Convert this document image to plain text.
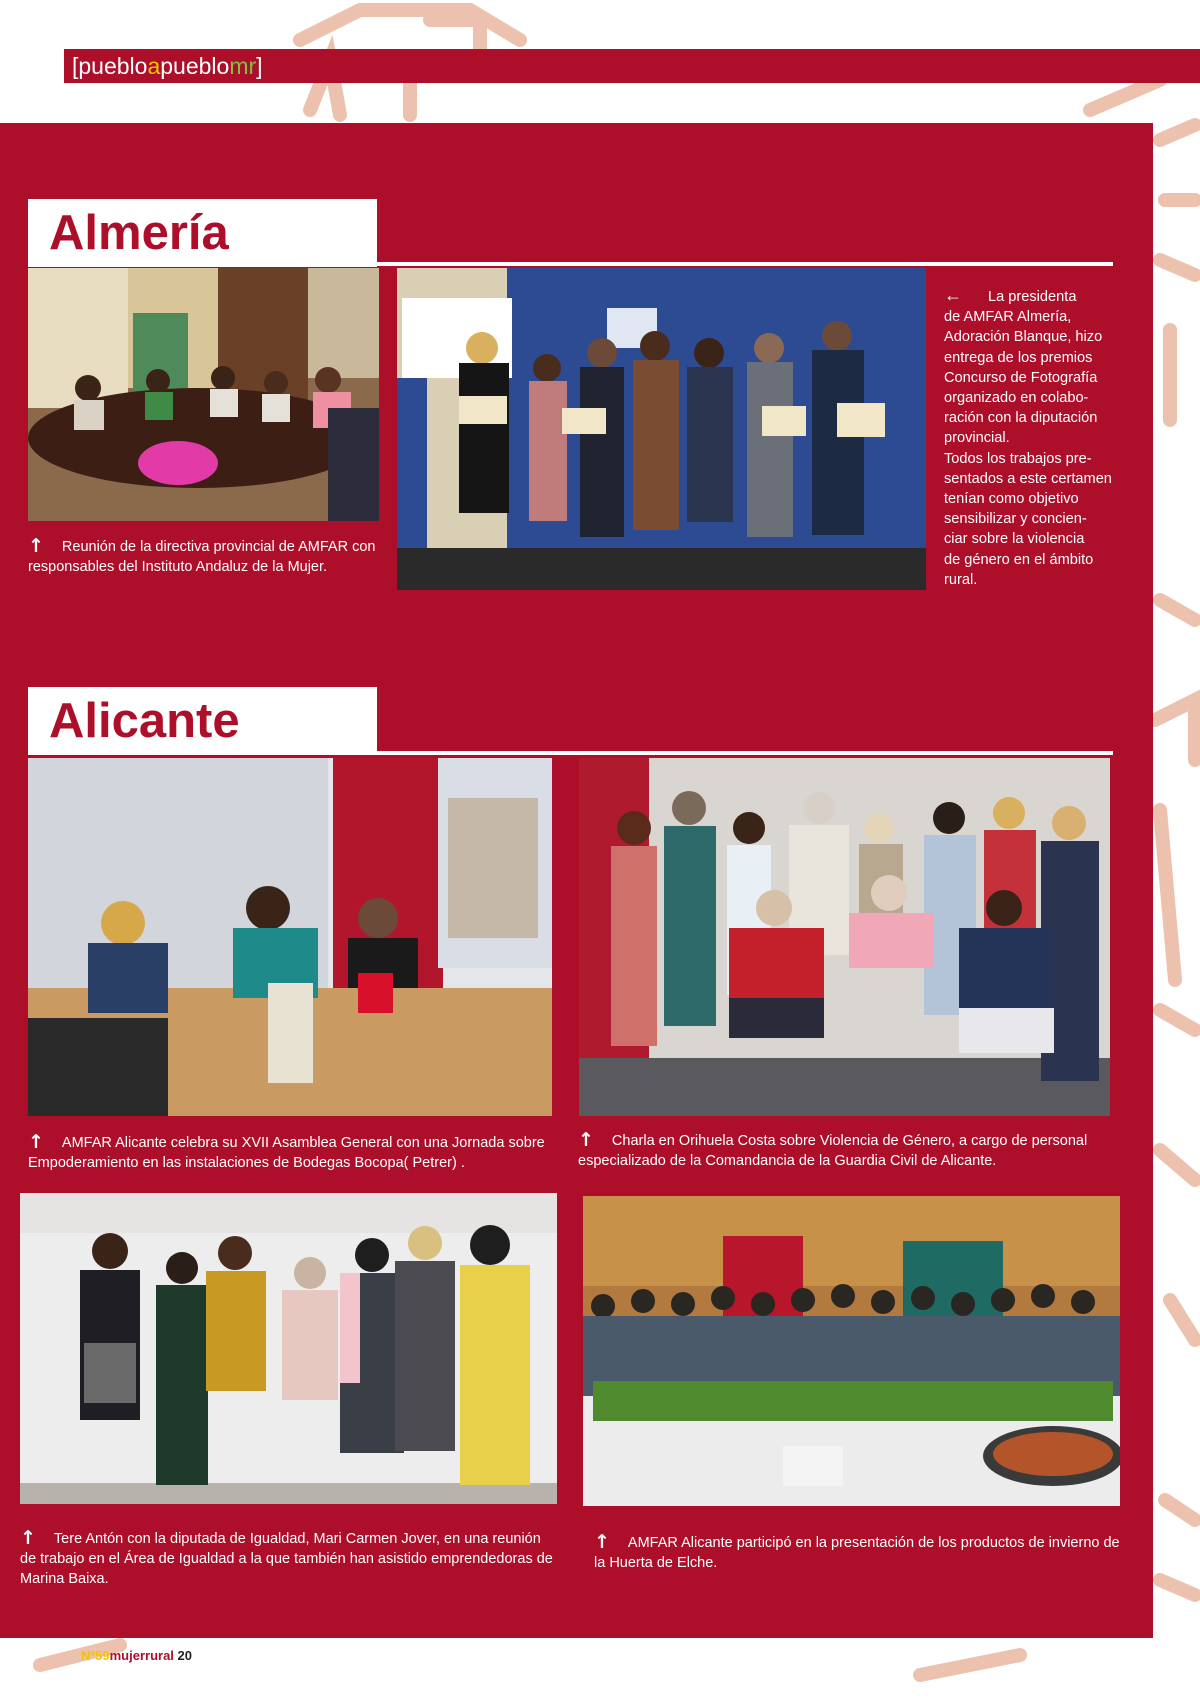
[puebloapueblomr]
Almería
↑ Reunión de la directiva provincial de AMFAR con
responsables del Instituto Andaluz de la Mujer.
← La presidenta
de AMFAR Almería,
Adoración Blanque, hizo
entrega de los premios
Concurso de Fotografía
organizado en colabo-
ración con la diputación
provincial.
Todos los trabajos pre-
sentados a este certamen
tenían como objetivo
sensibilizar y concien-
ciar sobre la violencia
de género en el ámbito
rural.
Alicante
↑ AMFAR Alicante celebra su XVII Asamblea General con una Jornada sobre
Empoderamiento en las instalaciones de Bodegas Bocopa( Petrer) .
↑ Charla en Orihuela Costa sobre Violencia de Género, a cargo de personal
especializado de la Comandancia de la Guardia Civil de Alicante.
↑ Tere Antón con la diputada de Igualdad, Mari Carmen Jover, en una reunión
de trabajo en el Área de Igualdad a la que también han asistido emprendedoras de
Marina Baixa.
↑ AMFAR Alicante participó en la presentación de los productos de invierno de
la Huerta de Elche.
Nº59mujerrural 20
